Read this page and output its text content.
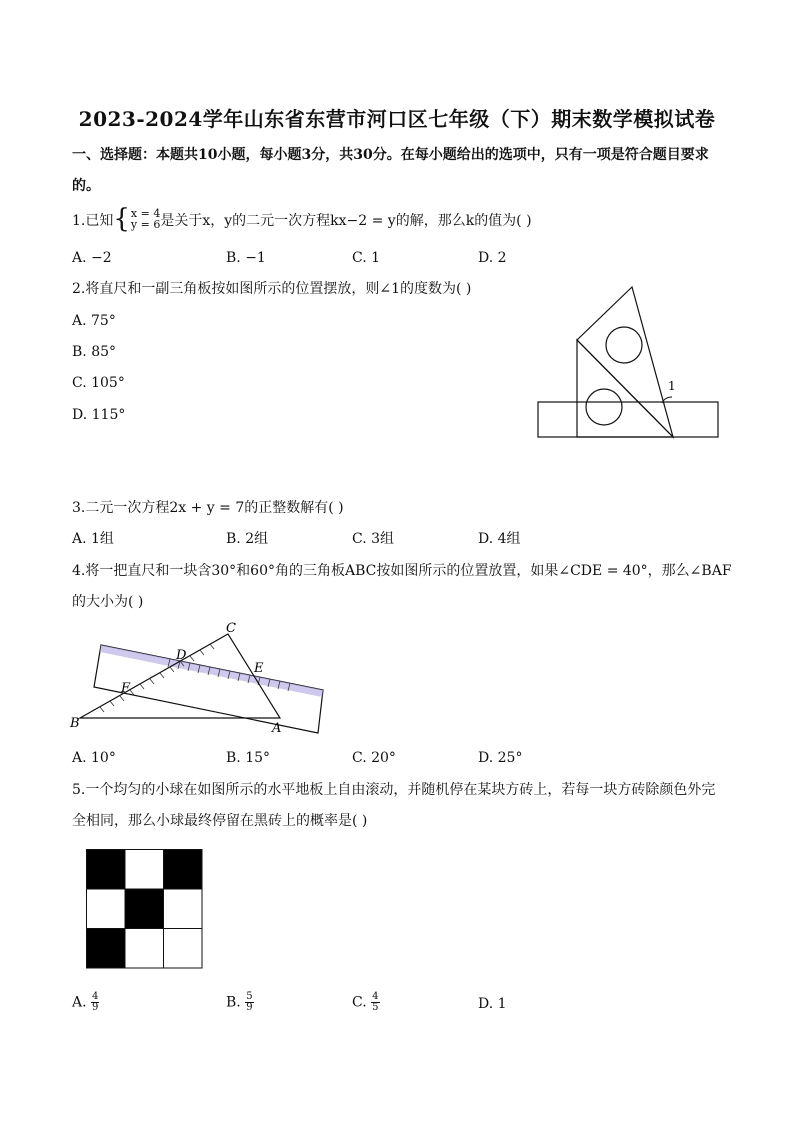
2023-2024学年山东省东营市河口区七年级（下）期末数学模拟试卷
一、选择题：本题共10小题，每小题3分，共30分。在每小题给出的选项中，只有一项是符合题目要求
的。
1.已知{ x = 4
y = 6 是关于x，y的二元一次方程kx−2 = y的解，那么k的值为( )
A. −2	B. −1	C. 1	D. 2
2.将直尺和一副三角板按如图所示的位置摆放，则∠1的度数为( )
A. 75°
B. 85°
C. 105°
D. 115°
1
3.二元一次方程2x + y = 7的正整数解有( )
A. 1组	B. 2组	C. 3组	D. 4组
4.将一把直尺和一块含30°和60°角的三角板ABC按如图所示的位置放置，如果∠CDE = 40°，那么∠BAF
的大小为( )
C
D
E
F
B	A
A. 10°	B. 15°	C. 20°	D. 25°
5.一个均匀的小球在如图所示的水平地板上自由滚动，并随机停在某块方砖上，若每一块方砖除颜色外完
全相同，那么小球最终停留在黑砖上的概率是( )
A. $\frac{4}{9}$	B. $\frac{5}{9}$	C. $\frac{4}{5}$	D. 1
